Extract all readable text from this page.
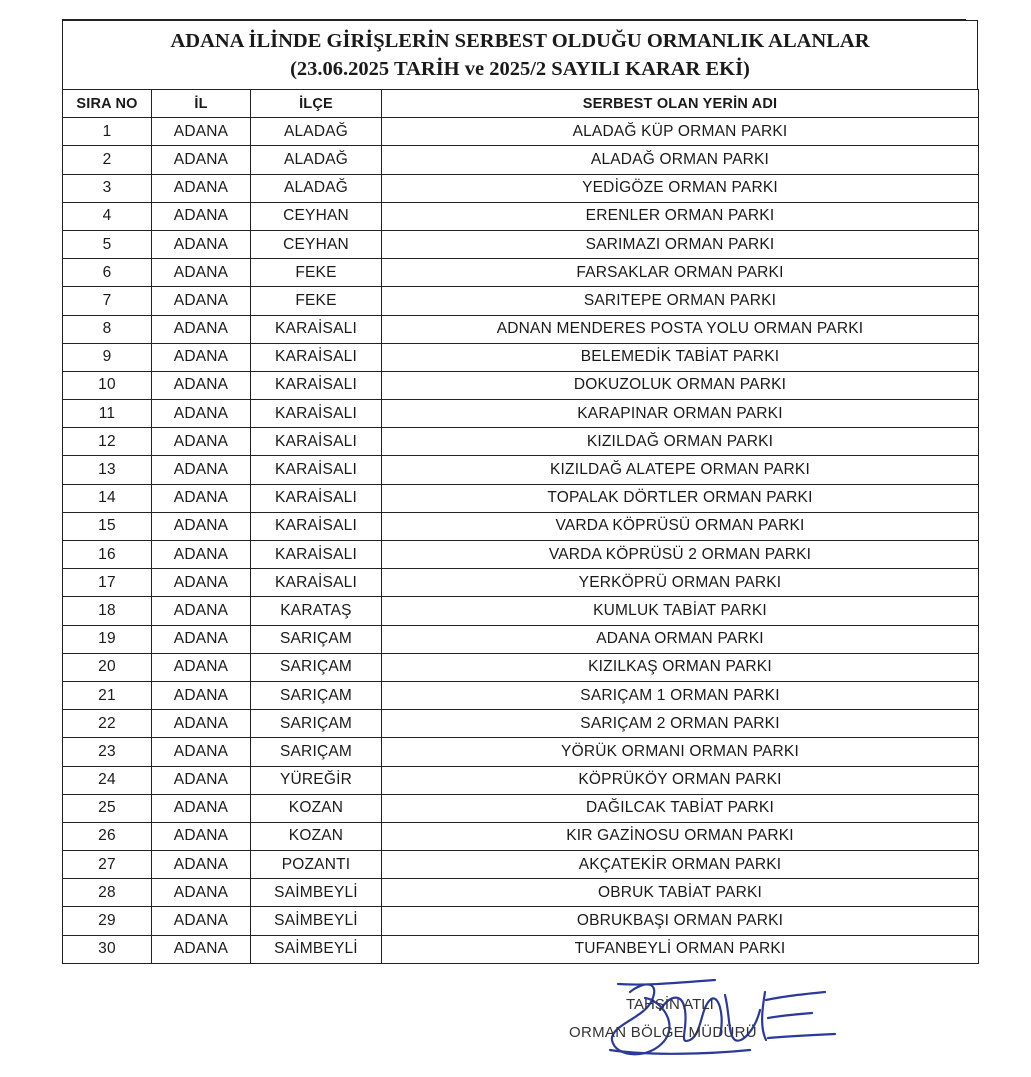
ADANA İLİNDE GİRİŞLERİN SERBEST OLDUĞU ORMANLIK ALANLAR
(23.06.2025 TARİH ve 2025/2 SAYILI KARAR EKİ)
SIRA NO	İL	İLÇE	SERBEST OLAN YERİN ADI
1	ADANA	ALADAĞ	ALADAĞ KÜP ORMAN PARKI
2	ADANA	ALADAĞ	ALADAĞ ORMAN PARKI
3	ADANA	ALADAĞ	YEDİGÖZE ORMAN PARKI
4	ADANA	CEYHAN	ERENLER ORMAN PARKI
5	ADANA	CEYHAN	SARIMAZI ORMAN PARKI
6	ADANA	FEKE	FARSAKLAR ORMAN PARKI
7	ADANA	FEKE	SARITEPE ORMAN PARKI
8	ADANA	KARAİSALI	ADNAN MENDERES POSTA YOLU ORMAN PARKI
9	ADANA	KARAİSALI	BELEMEDİK TABİAT PARKI
10	ADANA	KARAİSALI	DOKUZOLUK ORMAN PARKI
11	ADANA	KARAİSALI	KARAPINAR ORMAN PARKI
12	ADANA	KARAİSALI	KIZILDAĞ ORMAN PARKI
13	ADANA	KARAİSALI	KIZILDAĞ ALATEPE ORMAN PARKI
14	ADANA	KARAİSALI	TOPALAK DÖRTLER ORMAN PARKI
15	ADANA	KARAİSALI	VARDA KÖPRÜSÜ ORMAN PARKI
16	ADANA	KARAİSALI	VARDA KÖPRÜSÜ 2 ORMAN PARKI
17	ADANA	KARAİSALI	YERKÖPRÜ ORMAN PARKI
18	ADANA	KARATAŞ	KUMLUK TABİAT PARKI
19	ADANA	SARIÇAM	ADANA ORMAN PARKI
20	ADANA	SARIÇAM	KIZILKAŞ ORMAN PARKI
21	ADANA	SARIÇAM	SARIÇAM 1 ORMAN PARKI
22	ADANA	SARIÇAM	SARIÇAM 2 ORMAN PARKI
23	ADANA	SARIÇAM	YÖRÜK ORMANI ORMAN PARKI
24	ADANA	YÜREĞİR	KÖPRÜKÖY ORMAN PARKI
25	ADANA	KOZAN	DAĞILCAK TABİAT PARKI
26	ADANA	KOZAN	KIR GAZİNOSU ORMAN PARKI
27	ADANA	POZANTI	AKÇATEKİR ORMAN PARKI
28	ADANA	SAİMBEYLİ	OBRUK TABİAT PARKI
29	ADANA	SAİMBEYLİ	OBRUKBAŞI ORMAN PARKI
30	ADANA	SAİMBEYLİ	TUFANBEYLİ ORMAN PARKI
TAHSİN ATLI
ORMAN BÖLGE MÜDÜRÜ
